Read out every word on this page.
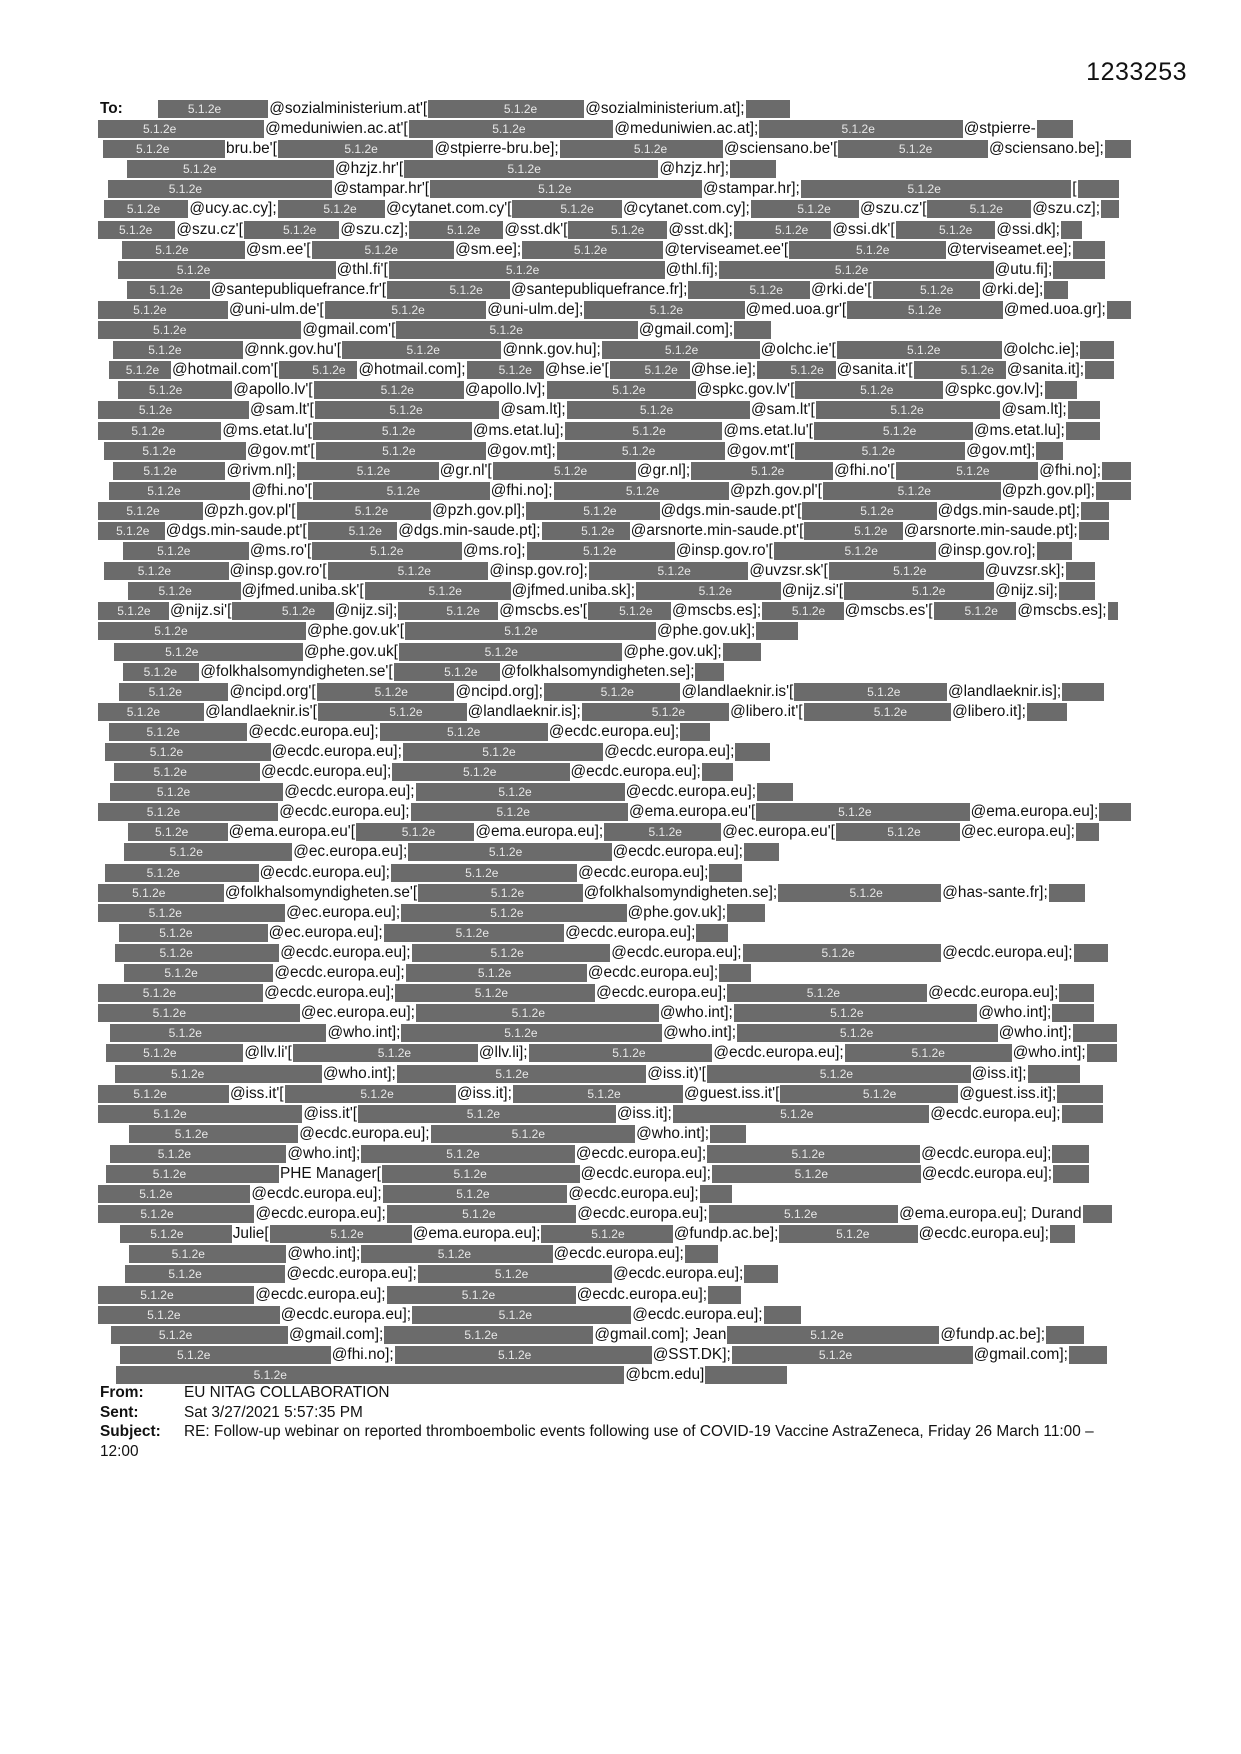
1233253
To:	5.1.2e	@sozialministerium.at'[	5.1.2e	@sozialministerium.at];
5.1.2e	@meduniwien.ac.at'[	5.1.2e	@meduniwien.ac.at];	5.1.2e	@stpierre-
5.1.2e	bru.be'[	5.1.2e	@stpierre-bru.be];	5.1.2e	@sciensano.be'[	5.1.2e	@sciensano.be];
5.1.2e	@hzjz.hr'[	5.1.2e	@hzjz.hr];
5.1.2e	@stampar.hr'[	5.1.2e	@stampar.hr];	5.1.2e	[
5.1.2e @ucy.ac.cy];	5.1.2e @cytanet.com.cy'[	5.1.2e @cytanet.com.cy];	5.1.2e @szu.cz'[	5.1.2e @szu.cz];
5.1.2e @szu.cz'[	5.1.2e @szu.cz];	5.1.2e @sst.dk'[	5.1.2e @sst.dk];	5.1.2e @ssi.dk'[	5.1.2e @ssi.dk];
5.1.2e	@sm.ee'[	5.1.2e	@sm.ee];	5.1.2e	@terviseamet.ee'[	5.1.2e	@terviseamet.ee];
5.1.2e	@thl.fi'[	5.1.2e	@thl.fi];	5.1.2e	@utu.fi];
5.1.2e @santepubliquefrance.fr'[	5.1.2e @santepubliquefrance.fr];	5.1.2e @rki.de'[	5.1.2e @rki.de];
5.1.2e	@uni-ulm.de'[	5.1.2e	@uni-ulm.de];	5.1.2e	@med.uoa.gr'[	5.1.2e	@med.uoa.gr];
5.1.2e	@gmail.com'[	5.1.2e	@gmail.com];
5.1.2e	@nnk.gov.hu'[	5.1.2e	@nnk.gov.hu];	5.1.2e	@olchc.ie'[	5.1.2e	@olchc.ie];
5.1.2e @hotmail.com'[	5.1.2e @hotmail.com];	5.1.2e @hse.ie'[	5.1.2e @hse.ie];	5.1.2e @sanita.it'[	5.1.2e @sanita.it];
5.1.2e	@apollo.lv'[	5.1.2e	@apollo.lv];	5.1.2e	@spkc.gov.lv'[	5.1.2e	@spkc.gov.lv];
5.1.2e	@sam.lt'[	5.1.2e	@sam.lt];	5.1.2e	@sam.lt'[	5.1.2e	@sam.lt];
5.1.2e	@ms.etat.lu'[	5.1.2e	@ms.etat.lu];	5.1.2e	@ms.etat.lu'[	5.1.2e	@ms.etat.lu];
5.1.2e	@gov.mt'[	5.1.2e	@gov.mt];	5.1.2e	@gov.mt'[	5.1.2e	@gov.mt];
5.1.2e	@rivm.nl];	5.1.2e	@gr.nl'[	5.1.2e	@gr.nl];	5.1.2e	@fhi.no'[	5.1.2e	@fhi.no];
5.1.2e	@fhi.no'[	5.1.2e	@fhi.no];	5.1.2e	@pzh.gov.pl'[	5.1.2e	@pzh.gov.pl];
5.1.2e	@pzh.gov.pl'[	5.1.2e	@pzh.gov.pl];	5.1.2e	@dgs.min-saude.pt'[	5.1.2e	@dgs.min-saude.pt];
5.1.2e @dgs.min-saude.pt'[	5.1.2e @dgs.min-saude.pt];	5.1.2e @arsnorte.min-saude.pt'[	5.1.2e @arsnorte.min-saude.pt];
5.1.2e	@ms.ro'[	5.1.2e	@ms.ro];	5.1.2e	@insp.gov.ro'[	5.1.2e	@insp.gov.ro];
5.1.2e	@insp.gov.ro'[	5.1.2e	@insp.gov.ro];	5.1.2e	@uvzsr.sk'[	5.1.2e	@uvzsr.sk];
5.1.2e	@jfmed.uniba.sk'[	5.1.2e	@jfmed.uniba.sk];	5.1.2e	@nijz.si'[	5.1.2e	@nijz.si];
5.1.2e @nijz.si'[	5.1.2e @nijz.si];	5.1.2e @mscbs.es'[	5.1.2e @mscbs.es];	5.1.2e @mscbs.es'[	5.1.2e @mscbs.es];
5.1.2e	@phe.gov.uk'[	5.1.2e	@phe.gov.uk];
5.1.2e	@phe.gov.uk[	5.1.2e	@phe.gov.uk];
5.1.2e @folkhalsomyndigheten.se'[	5.1.2e @folkhalsomyndigheten.se];
5.1.2e	@ncipd.org'[	5.1.2e	@ncipd.org];	5.1.2e	@landlaeknir.is'[	5.1.2e	@landlaeknir.is];
5.1.2e	@landlaeknir.is'[	5.1.2e	@landlaeknir.is];	5.1.2e	@libero.it'[	5.1.2e	@libero.it];
5.1.2e	@ecdc.europa.eu];	5.1.2e	@ecdc.europa.eu];
5.1.2e	@ecdc.europa.eu];	5.1.2e	@ecdc.europa.eu];
5.1.2e	@ecdc.europa.eu];	5.1.2e	@ecdc.europa.eu];
5.1.2e	@ecdc.europa.eu];	5.1.2e	@ecdc.europa.eu];
5.1.2e	@ecdc.europa.eu];	5.1.2e	@ema.europa.eu'[	5.1.2e	@ema.europa.eu];
5.1.2e	@ema.europa.eu'[	5.1.2e	@ema.europa.eu];	5.1.2e	@ec.europa.eu'[	5.1.2e	@ec.europa.eu];
5.1.2e	@ec.europa.eu];	5.1.2e	@ecdc.europa.eu];
5.1.2e	@ecdc.europa.eu];	5.1.2e	@ecdc.europa.eu];
5.1.2e	@folkhalsomyndigheten.se'[	5.1.2e	@folkhalsomyndigheten.se];	5.1.2e	@has-sante.fr];
5.1.2e	@ec.europa.eu];	5.1.2e	@phe.gov.uk];
5.1.2e	@ec.europa.eu];	5.1.2e	@ecdc.europa.eu];
5.1.2e	@ecdc.europa.eu];	5.1.2e	@ecdc.europa.eu];	5.1.2e	@ecdc.europa.eu];
5.1.2e	@ecdc.europa.eu];	5.1.2e	@ecdc.europa.eu];
5.1.2e	@ecdc.europa.eu];	5.1.2e	@ecdc.europa.eu];	5.1.2e	@ecdc.europa.eu];
5.1.2e	@ec.europa.eu];	5.1.2e	@who.int];	5.1.2e	@who.int];
5.1.2e	@who.int];	5.1.2e	@who.int];	5.1.2e	@who.int];
5.1.2e	@llv.li'[	5.1.2e	@llv.li];	5.1.2e	@ecdc.europa.eu];	5.1.2e	@who.int];
5.1.2e	@who.int];	5.1.2e	@iss.it)'[	5.1.2e	@iss.it];
5.1.2e	@iss.it'[	5.1.2e	@iss.it];	5.1.2e	@guest.iss.it'[	5.1.2e	@guest.iss.it];
5.1.2e	@iss.it'[	5.1.2e	@iss.it];	5.1.2e	@ecdc.europa.eu];
5.1.2e	@ecdc.europa.eu];	5.1.2e	@who.int];
5.1.2e	@who.int];	5.1.2e	@ecdc.europa.eu];	5.1.2e	@ecdc.europa.eu];
5.1.2e	PHE Manager[	5.1.2e	@ecdc.europa.eu];	5.1.2e	@ecdc.europa.eu];
5.1.2e	@ecdc.europa.eu];	5.1.2e	@ecdc.europa.eu];
5.1.2e	@ecdc.europa.eu];	5.1.2e	@ecdc.europa.eu];	5.1.2e	@ema.europa.eu]; Durand
5.1.2e	Julie[	5.1.2e	@ema.europa.eu];	5.1.2e	@fundp.ac.be];	5.1.2e	@ecdc.europa.eu];
5.1.2e	@who.int];	5.1.2e	@ecdc.europa.eu];
5.1.2e	@ecdc.europa.eu];	5.1.2e	@ecdc.europa.eu];
5.1.2e	@ecdc.europa.eu];	5.1.2e	@ecdc.europa.eu];
5.1.2e	@ecdc.europa.eu];	5.1.2e	@ecdc.europa.eu];
5.1.2e	@gmail.com];	5.1.2e	@gmail.com]; Jean	5.1.2e	@fundp.ac.be];
5.1.2e	@fhi.no];	5.1.2e	@SST.DK];	5.1.2e	@gmail.com];
5.1.2e	@bcm.edu]
From:	EU NITAG COLLABORATION
Sent:	Sat 3/27/2021 5:57:35 PM
Subject: RE: Follow-up webinar on reported thromboembolic events following use of COVID-19 Vaccine AstraZeneca, Friday 26 March 11:00 –12:00
